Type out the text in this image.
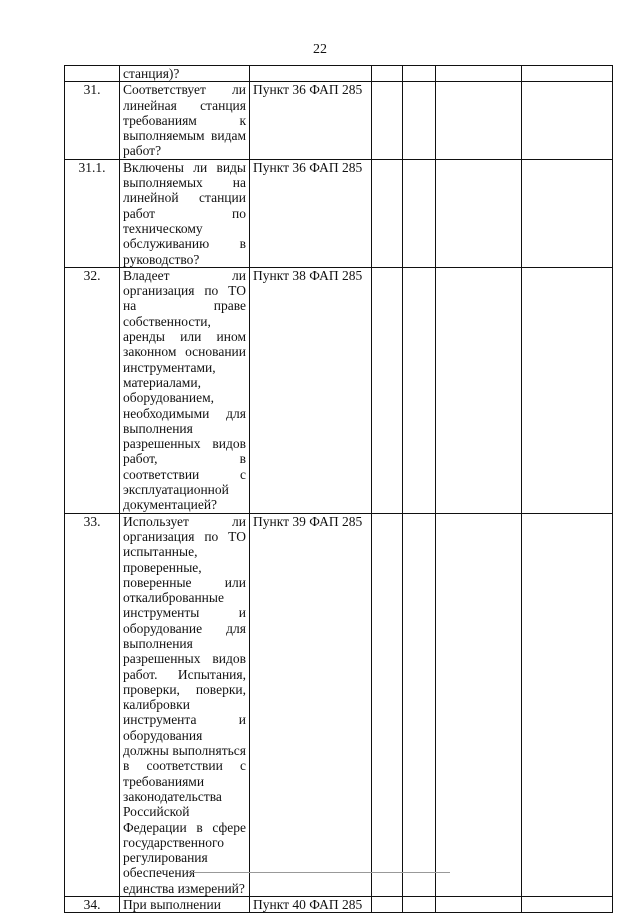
22
	станция)?					
31.	Соответствует ли линейная станция требованиям к выполняемым видам работ?	Пункт 36 ФАП 285				
31.1.	Включены ли виды выполняемых на линейной станции работ по техническому обслуживанию в руководство?	Пункт 36 ФАП 285				
32.	Владеет ли организация по ТО на праве собственности, аренды или ином законном основании инструментами, материалами, оборудованием, необходимыми для выполнения разрешенных видов работ, в соответствии с эксплуатационной документацией?	Пункт 38 ФАП 285				
33.	Использует ли организация по ТО испытанные, проверенные, поверенные или откалиброванные инструменты и оборудование для выполнения разрешенных видов работ. Испытания, проверки, поверки, калибровки инструмента и оборудования должны выполняться в соответствии с требованиями законодательства Российской Федерации в сфере государственного регулирования обеспечения единства измерений?	Пункт 39 ФАП 285				
34.	При выполнении	Пункт 40 ФАП 285				
